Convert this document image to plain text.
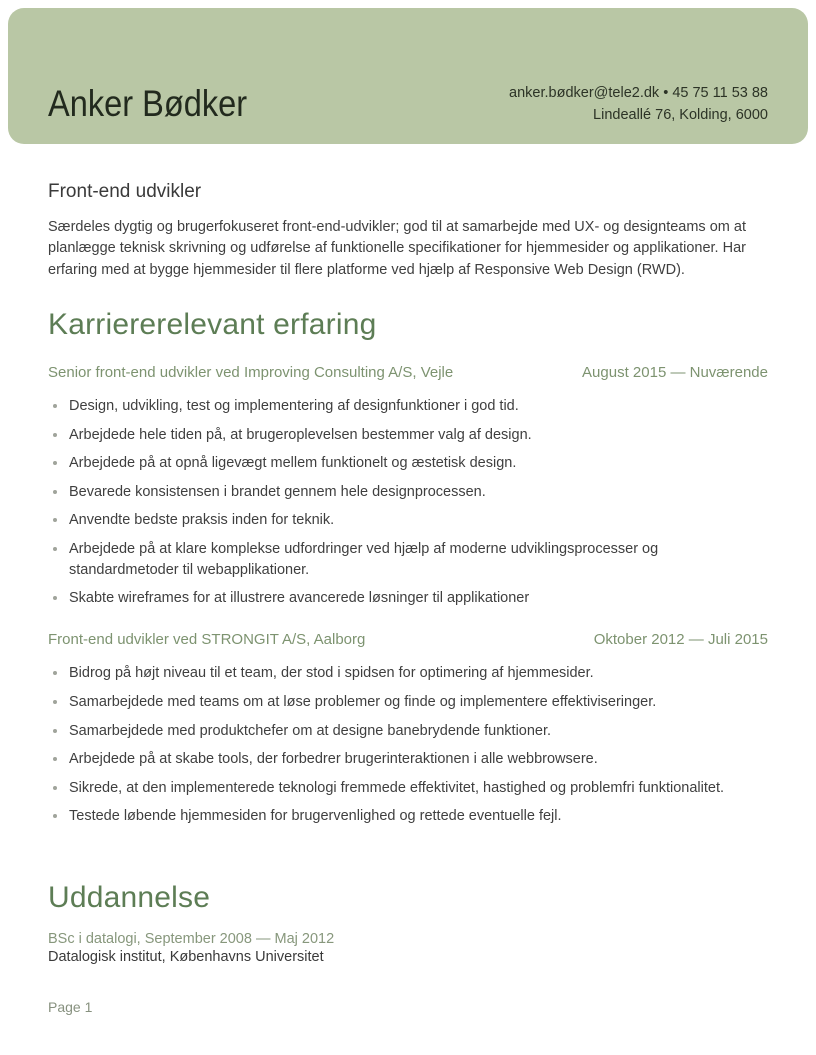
Anker Bødker	anker.bødker@tele2.dk • 45 75 11 53 88
Lindeallé 76, Kolding, 6000
Front-end udvikler

Særdeles dygtig og brugerfokuseret front-end-udvikler; god til at samarbejde med UX- og designteams om at planlægge teknisk skrivning og udførelse af funktionelle specifikationer for hjemmesider og applikationer. Har erfaring med at bygge hjemmesider til flere platforme ved hjælp af Responsive Web Design (RWD).

Karriererelevant erfaring
Senior front-end udvikler ved Improving Consulting A/S, Vejle	August 2015 — Nuværende
Design, udvikling, test og implementering af designfunktioner i god tid.
Arbejdede hele tiden på, at brugeroplevelsen bestemmer valg af design.
Arbejdede på at opnå ligevægt mellem funktionelt og æstetisk design.
Bevarede konsistensen i brandet gennem hele designprocessen.
Anvendte bedste praksis inden for teknik.
Arbejdede på at klare komplekse udfordringer ved hjælp af moderne udviklingsprocesser og standardmetoder til webapplikationer.
Skabte wireframes for at illustrere avancerede løsninger til applikationer
Front-end udvikler ved STRONGIT A/S, Aalborg	Oktober 2012 — Juli 2015
Bidrog på højt niveau til et team, der stod i spidsen for optimering af hjemmesider.
Samarbejdede med teams om at løse problemer og finde og implementere effektiviseringer.
Samarbejdede med produktchefer om at designe banebrydende funktioner.
Arbejdede på at skabe tools, der forbedrer brugerinteraktionen i alle webbrowsere.
Sikrede, at den implementerede teknologi fremmede effektivitet, hastighed og problemfri funktionalitet.
Testede løbende hjemmesiden for brugervenlighed og rettede eventuelle fejl.
Uddannelse
BSc i datalogi, September 2008 — Maj 2012
Datalogisk institut, Københavns Universitet
Page 1
